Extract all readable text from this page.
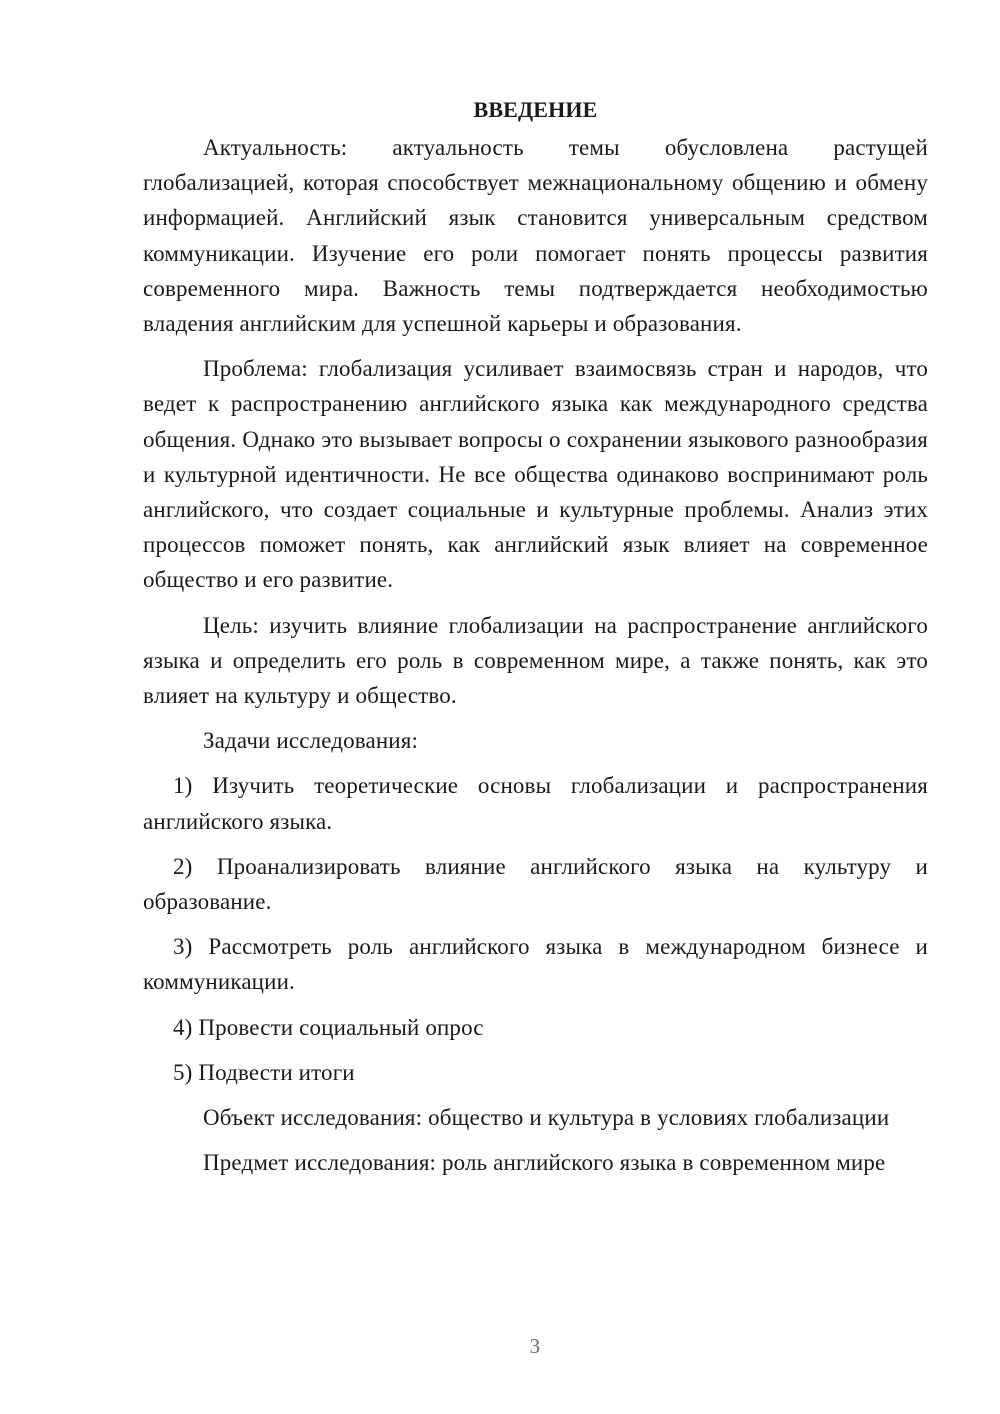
ВВЕДЕНИЕ

Актуальность: актуальность темы обусловлена растущей глобализацией, которая способствует межнациональному общению и обмену информацией. Английский язык становится универсальным средством коммуникации. Изучение его роли помогает понять процессы развития современного мира. Важность темы подтверждается необходимостью владения английским для успешной карьеры и образования.

Проблема: глобализация усиливает взаимосвязь стран и народов, что ведет к распространению английского языка как международного средства общения. Однако это вызывает вопросы о сохранении языкового разнообразия и культурной идентичности. Не все общества одинаково воспринимают роль английского, что создает социальные и культурные проблемы. Анализ этих процессов поможет понять, как английский язык влияет на современное общество и его развитие.

Цель: изучить влияние глобализации на распространение английского языка и определить его роль в современном мире, а также понять, как это влияет на культуру и общество.

Задачи исследования:

1) Изучить теоретические основы глобализации и распространения английского языка.

2) Проанализировать влияние английского языка на культуру и образование.

3) Рассмотреть роль английского языка в международном бизнесе и коммуникации.

4) Провести социальный опрос

5) Подвести итоги

Объект исследования: общество и культура в условиях глобализации

Предмет исследования: роль английского языка в современном мире

3
